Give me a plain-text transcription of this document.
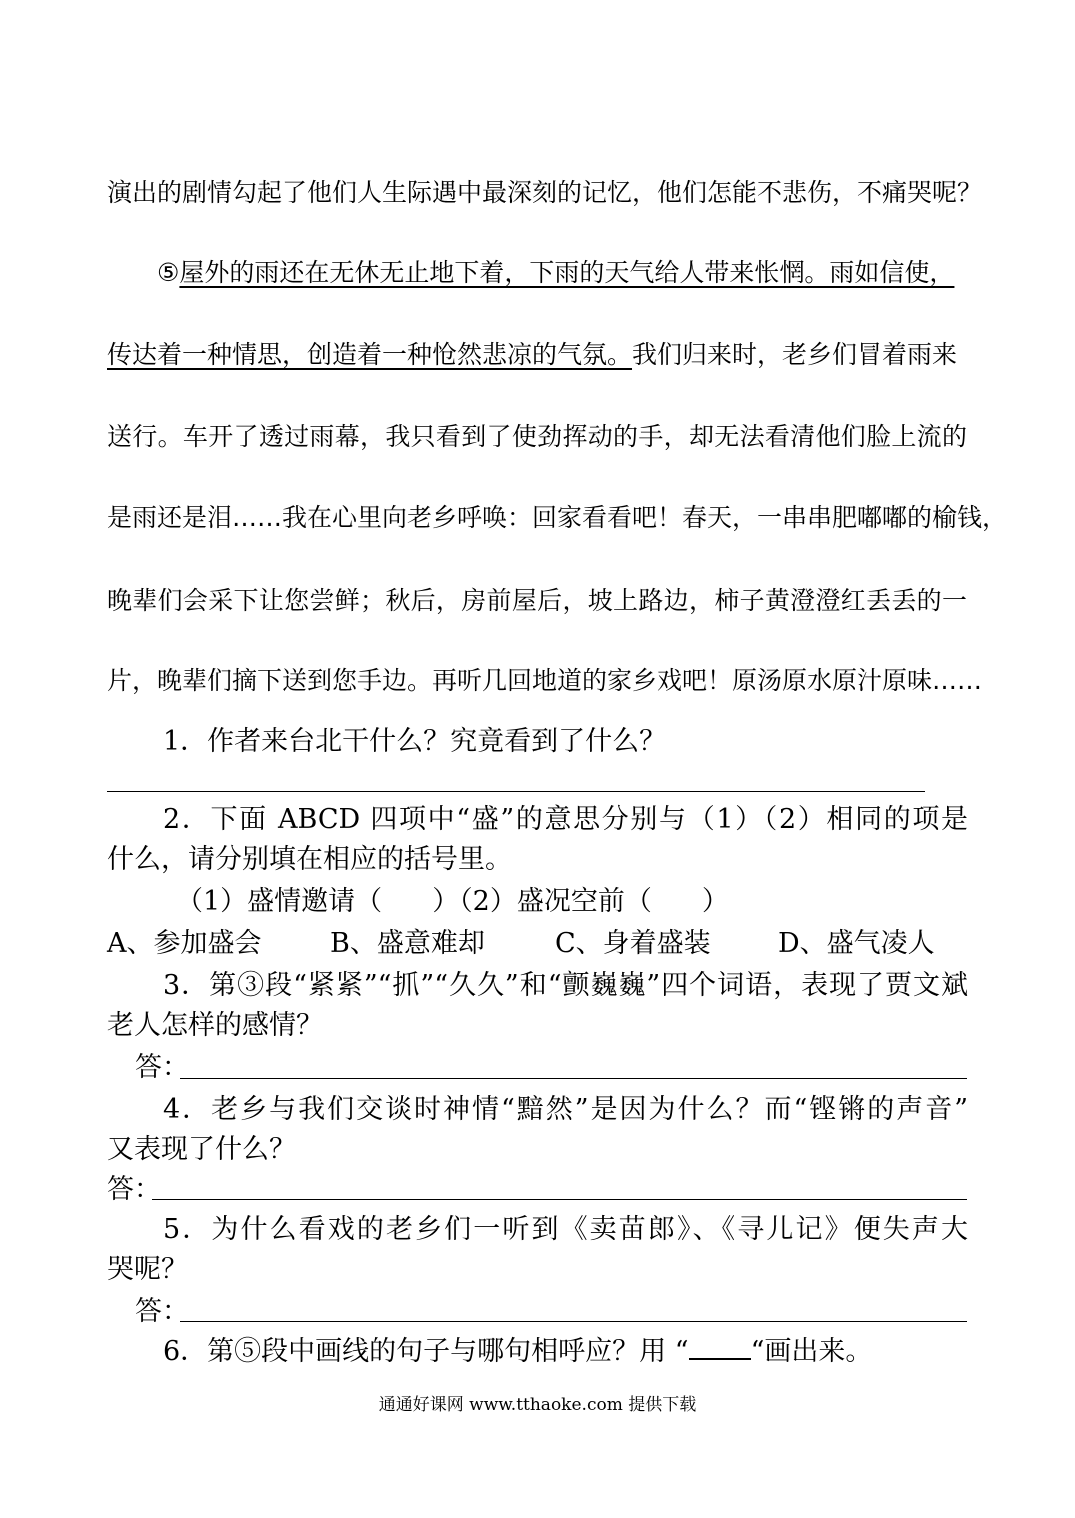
演出的剧情勾起了他们人生际遇中最深刻的记忆，他们怎能不悲伤，不痛哭呢？
⑤屋外的雨还在无休无止地下着，下雨的天气给人带来怅惘。雨如信使，
传达着一种情思，创造着一种怆然悲凉的气氛。我们归来时，老乡们冒着雨来
送行。车开了透过雨幕，我只看到了使劲挥动的手，却无法看清他们脸上流的
是雨还是泪……我在心里向老乡呼唤：回家看看吧！春天，一串串肥嘟嘟的榆钱，
晚辈们会采下让您尝鲜；秋后，房前屋后，坡上路边，柿子黄澄澄红丢丢的一
片，晚辈们摘下送到您手边。再听几回地道的家乡戏吧！原汤原水原汁原味……
1．作者来台北干什么？究竟看到了什么？
2．下面 ABCD 四项中“盛”的意思分别与（1）（2）相同的项是
什么，请分别填在相应的括号里。
（1）盛情邀请（ ）（2）盛况空前（ ）
A、参加盛会	B、盛意难却	C、身着盛装 D、盛气凌人
3．第③段“紧紧”“抓”“久久”和“颤巍巍”四个词语，表现了贾文斌
老人怎样的感情？
答：
4．老乡与我们交谈时神情“黯然”是因为什么？而“铿锵的声音”
又表现了什么？
答：
5．为什么看戏的老乡们一听到《卖苗郎》、《寻儿记》便失声大
哭呢？
答：
6．第⑤段中画线的句子与哪句相呼应？用 “ “画出来。
通通好课网 www.tthaoke.com 提供下载
